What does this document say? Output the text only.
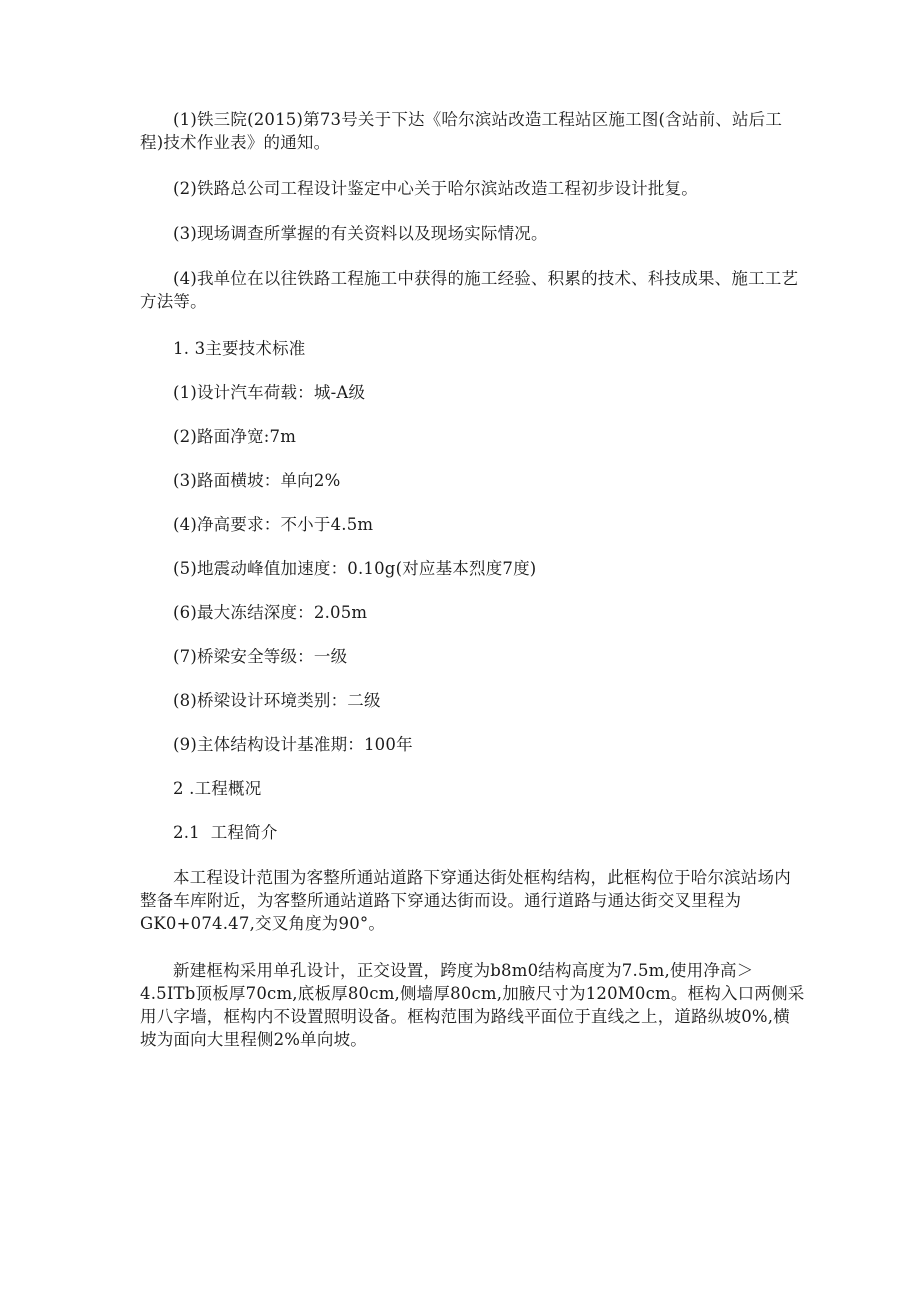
(1)铁三院(2015)第73号关于下达《哈尔滨站改造工程站区施工图(含站前、站后工程)技术作业表》的通知。

(2)铁路总公司工程设计鉴定中心关于哈尔滨站改造工程初步设计批复。

(3)现场调查所掌握的有关资料以及现场实际情况。

(4)我单位在以往铁路工程施工中获得的施工经验、积累的技术、科技成果、施工工艺方法等。

1. 3主要技术标准

(1)设计汽车荷载：城-A级

(2)路面净宽:7m

(3)路面横坡：单向2%

(4)净高要求：不小于4.5m

(5)地震动峰值加速度：0.10g(对应基本烈度7度)

(6)最大冻结深度：2.05m

(7)桥梁安全等级：一级

(8)桥梁设计环境类别：二级

(9)主体结构设计基准期：100年

2 .工程概况

2.1  工程简介

本工程设计范围为客整所通站道路下穿通达街处框构结构，此框构位于哈尔滨站场内整备车库附近，为客整所通站道路下穿通达街而设。通行道路与通达街交叉里程为GK0+074.47,交叉角度为90°。

新建框构采用单孔设计，正交设置，跨度为b8m0结构高度为7.5m,使用净高＞4.5ITb顶板厚70cm,底板厚80cm,侧墙厚80cm,加腋尺寸为120M0cm。框构入口两侧采用八字墙，框构内不设置照明设备。框构范围为路线平面位于直线之上，道路纵坡0%,横坡为面向大里程侧2%单向坡。
